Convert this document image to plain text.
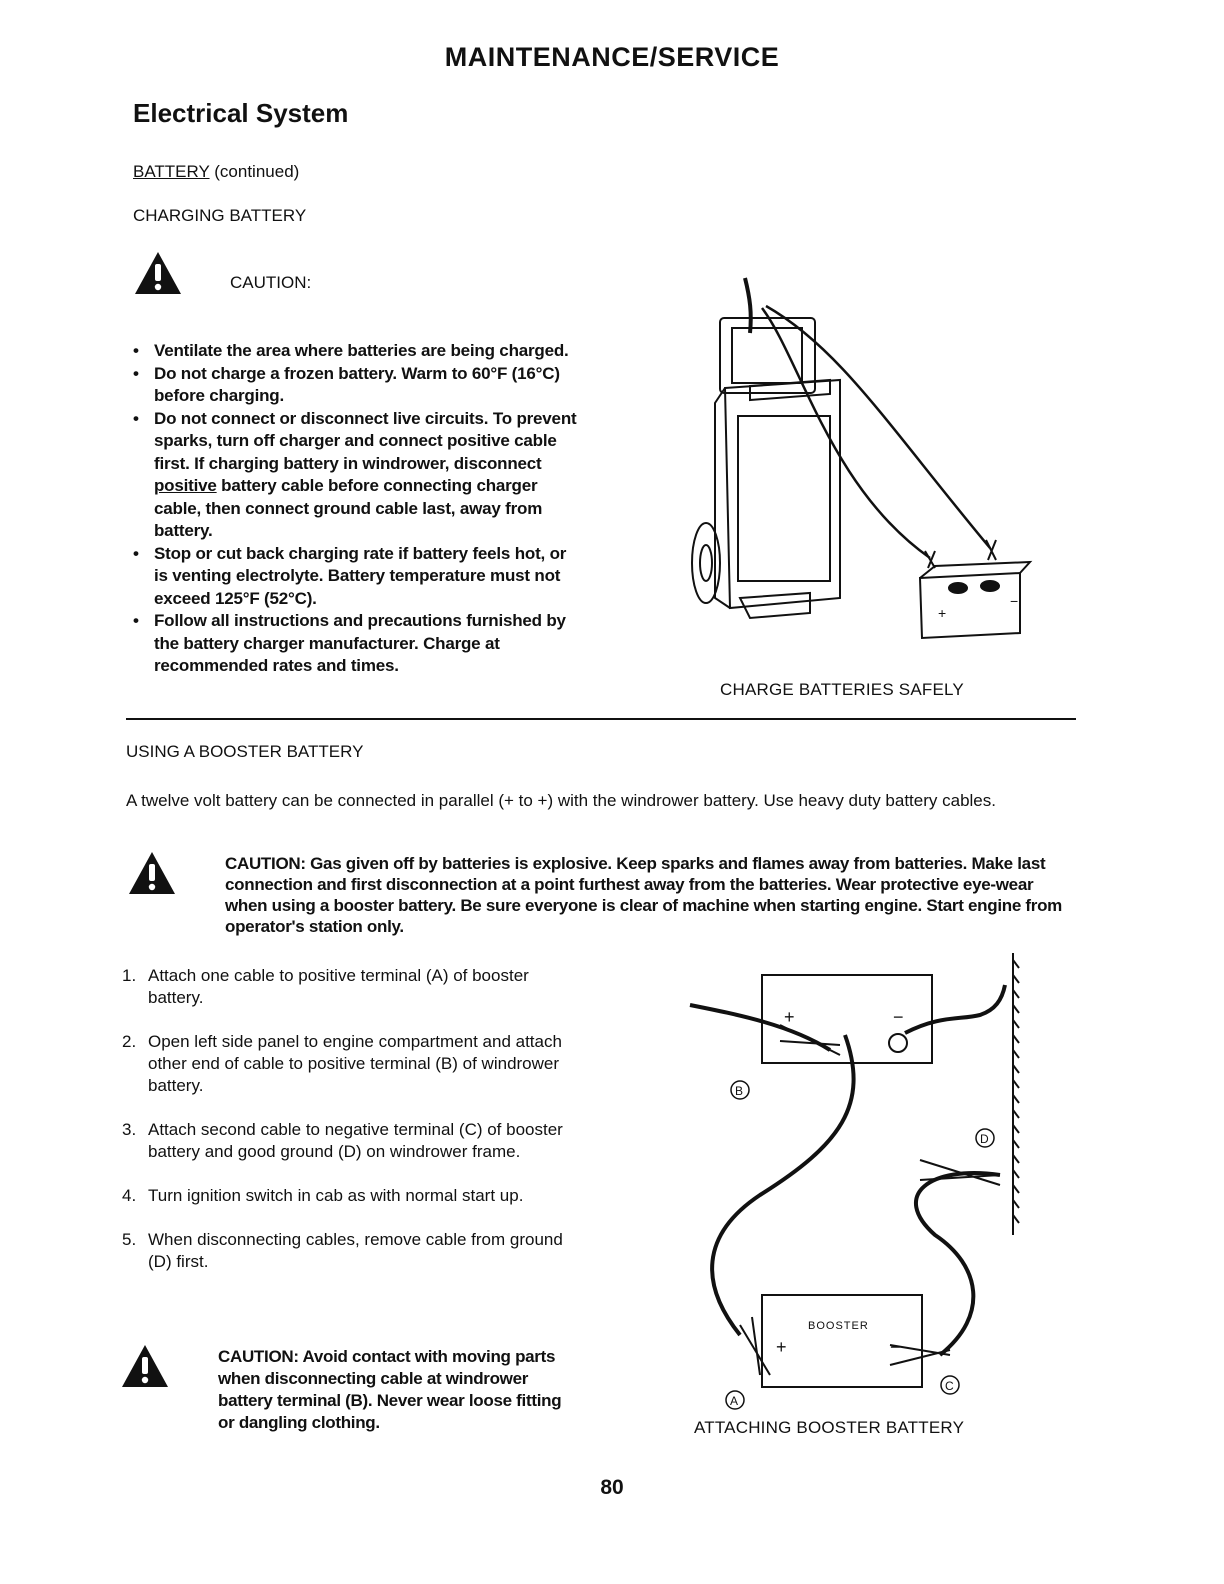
MAINTENANCE/SERVICE
Electrical System
BATTERY (continued)
CHARGING BATTERY
CAUTION:
• Ventilate the area where batteries are being charged.
• Do not charge a frozen battery. Warm to 60°F (16°C) before charging.
• Do not connect or disconnect live circuits. To prevent sparks, turn off charger and connect positive cable first. If charging battery in windrower, disconnect positive battery cable before connecting charger cable, then connect ground cable last, away from battery.
• Stop or cut back charging rate if battery feels hot, or is venting electrolyte. Battery temperature must not exceed 125°F (52°C).
• Follow all instructions and precautions furnished by the battery charger manufacturer. Charge at recommended rates and times.
+
−
CHARGE BATTERIES SAFELY
USING A BOOSTER BATTERY
A twelve volt battery can be connected in parallel (+ to +) with the windrower battery. Use heavy duty battery cables.
CAUTION: Gas given off by batteries is explosive. Keep sparks and flames away from batteries. Make last connection and first disconnection at a point furthest away from the batteries. Wear protective eye-wear when using a booster battery. Be sure everyone is clear of machine when starting engine. Start engine from operator's station only.
1. Attach one cable to positive terminal (A) of booster battery.
2. Open left side panel to engine compartment and attach other end of cable to positive terminal (B) of windrower battery.
3. Attach second cable to negative terminal (C) of booster battery and good ground (D) on windrower frame.
4. Turn ignition switch in cab as with normal start up.
5. When disconnecting cables, remove cable from ground (D) first.
CAUTION: Avoid contact with moving parts when disconnecting cable at windrower battery terminal (B). Never wear loose fitting or dangling clothing.
+	−
+	−
BOOSTER
B
D
C
A
ATTACHING BOOSTER BATTERY
80
